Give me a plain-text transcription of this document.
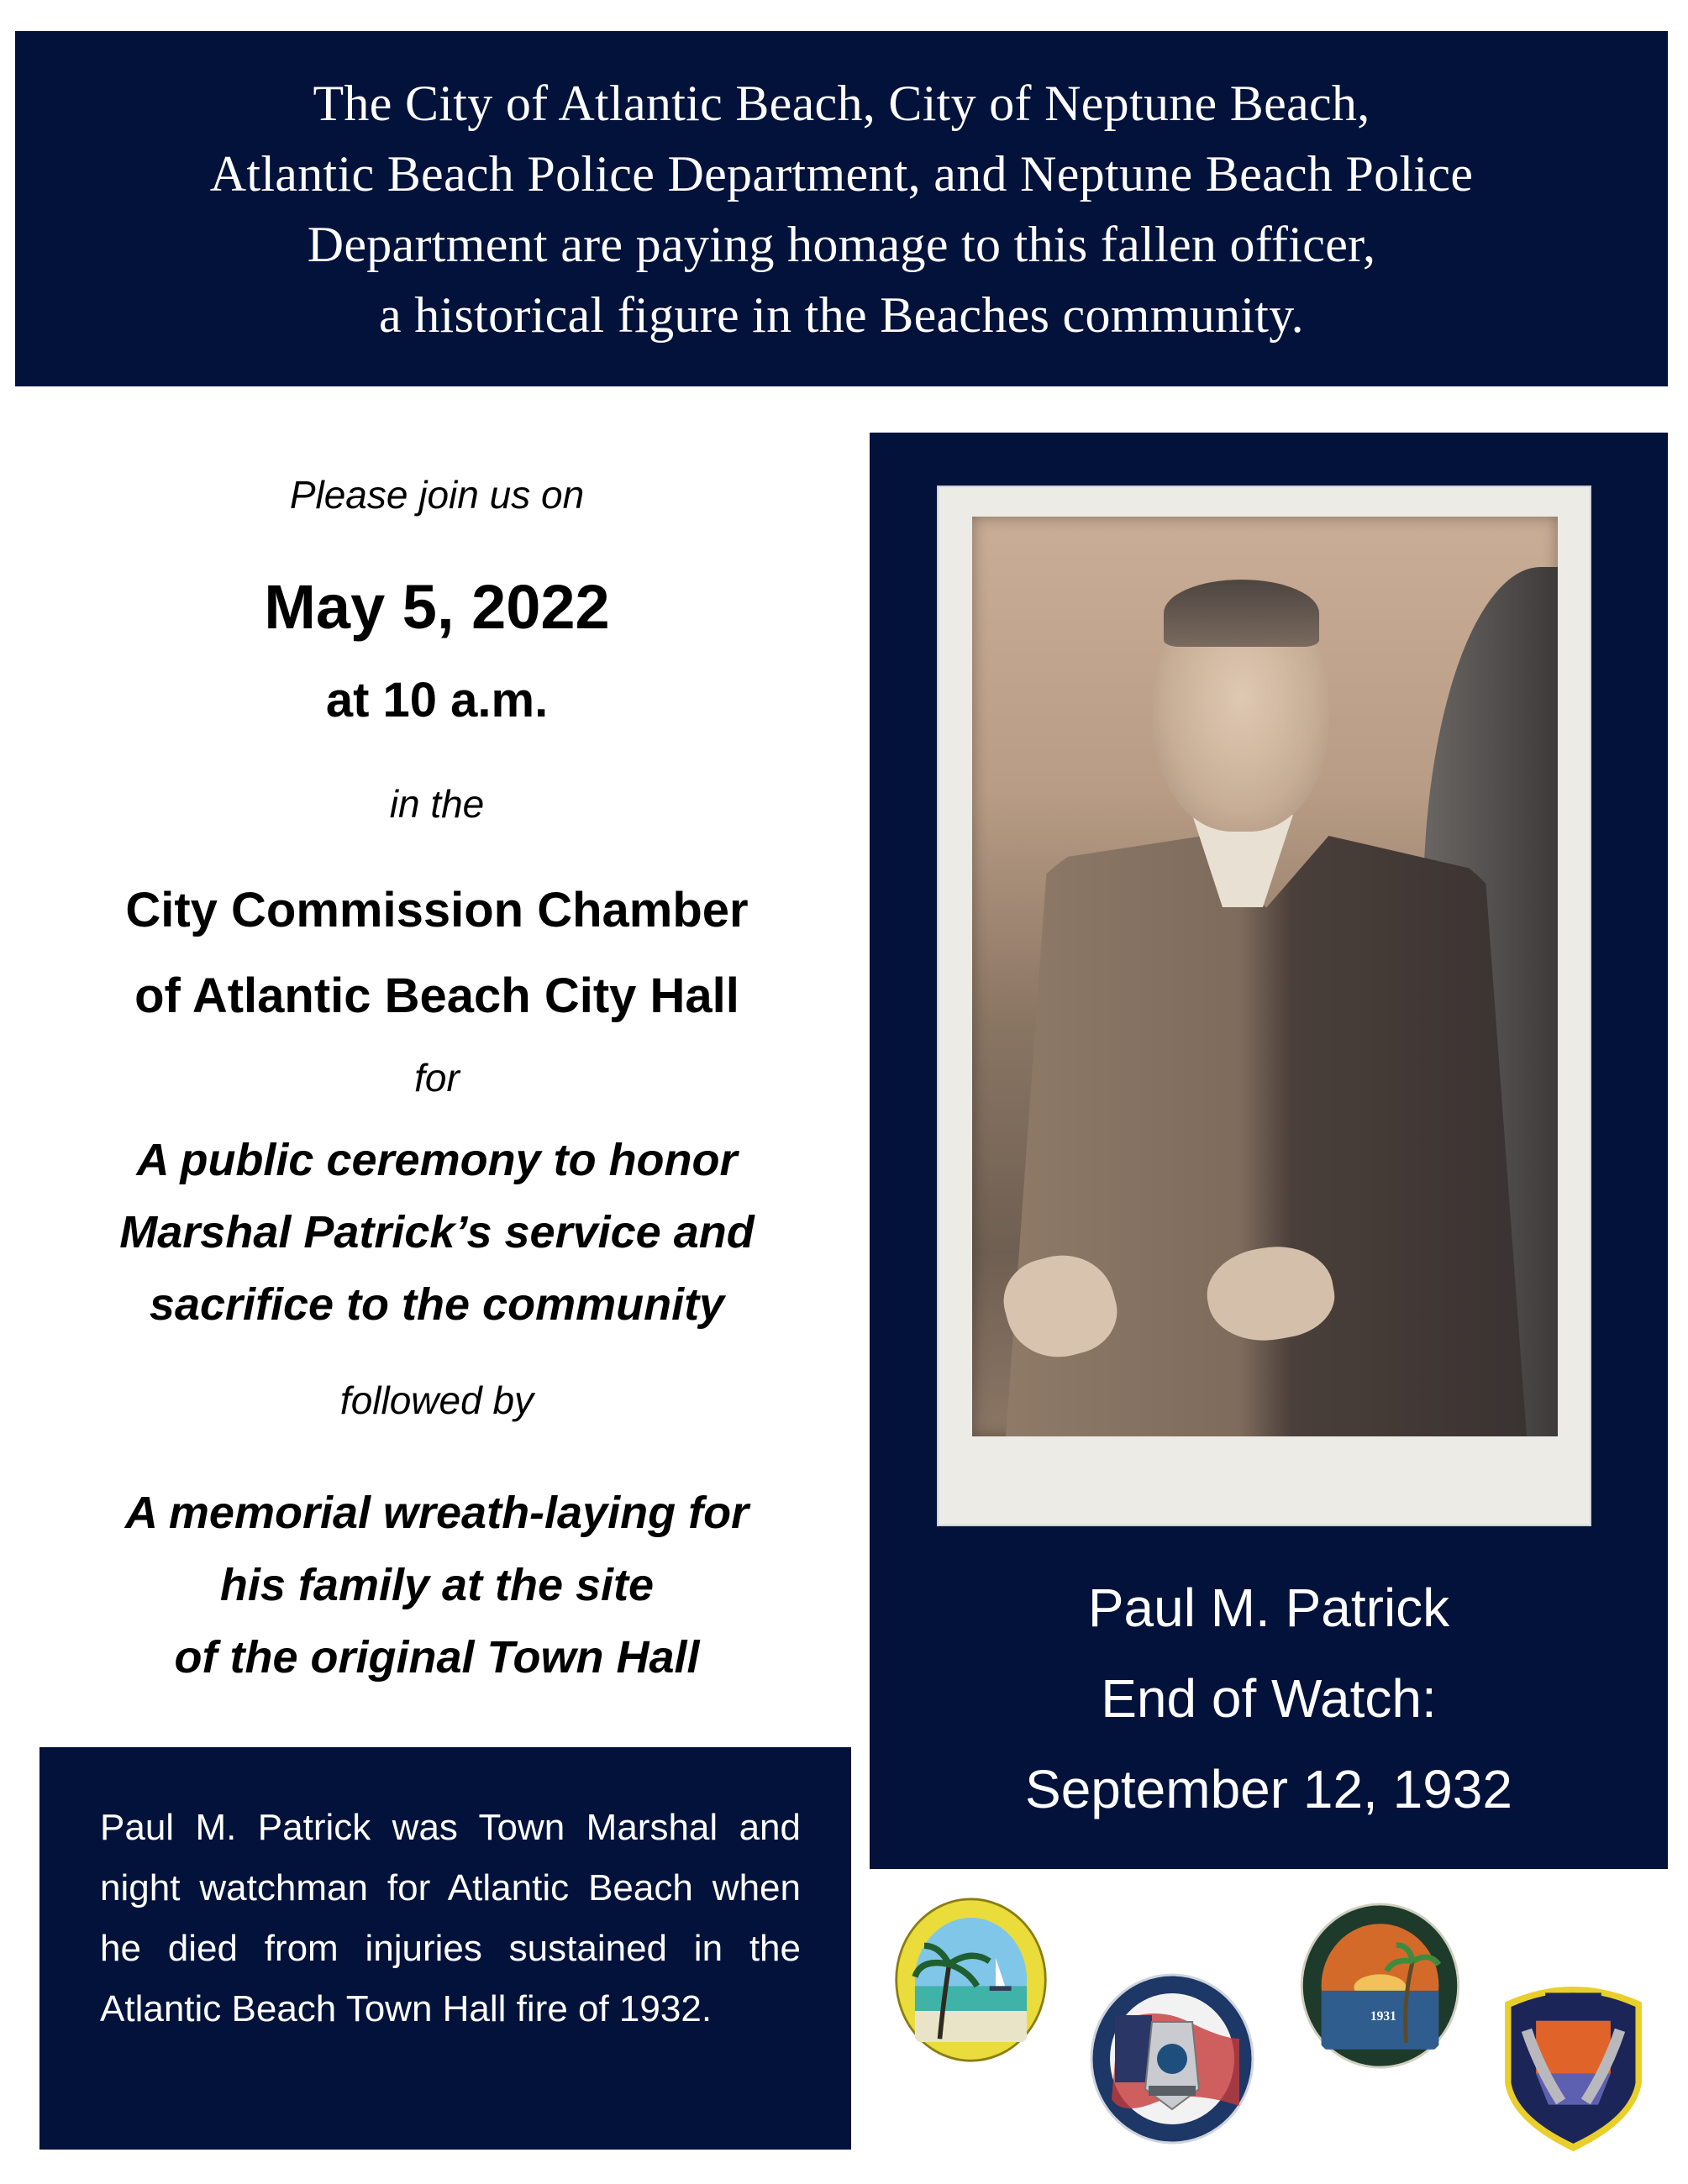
The City of Atlantic Beach, City of Neptune Beach,

Atlantic Beach Police Department, and Neptune Beach Police

Department are paying homage to this fallen officer,

a historical figure in the Beaches community.

Please join us on
May 5, 2022
at 10 a.m.
in the
City Commission Chamber
of Atlantic Beach City Hall
for
A public ceremony to honor
Marshal Patrick’s service and
sacrifice to the community
followed by
A memorial wreath-laying for
his family at the site
of the original Town Hall

Paul M. Patrick was Town Marshal and night watchman for Atlantic Beach when he died from injuries sustained in the Atlantic Beach Town Hall fire of 1932.

Paul M. Patrick

End of Watch:

September 12, 1932

1931
